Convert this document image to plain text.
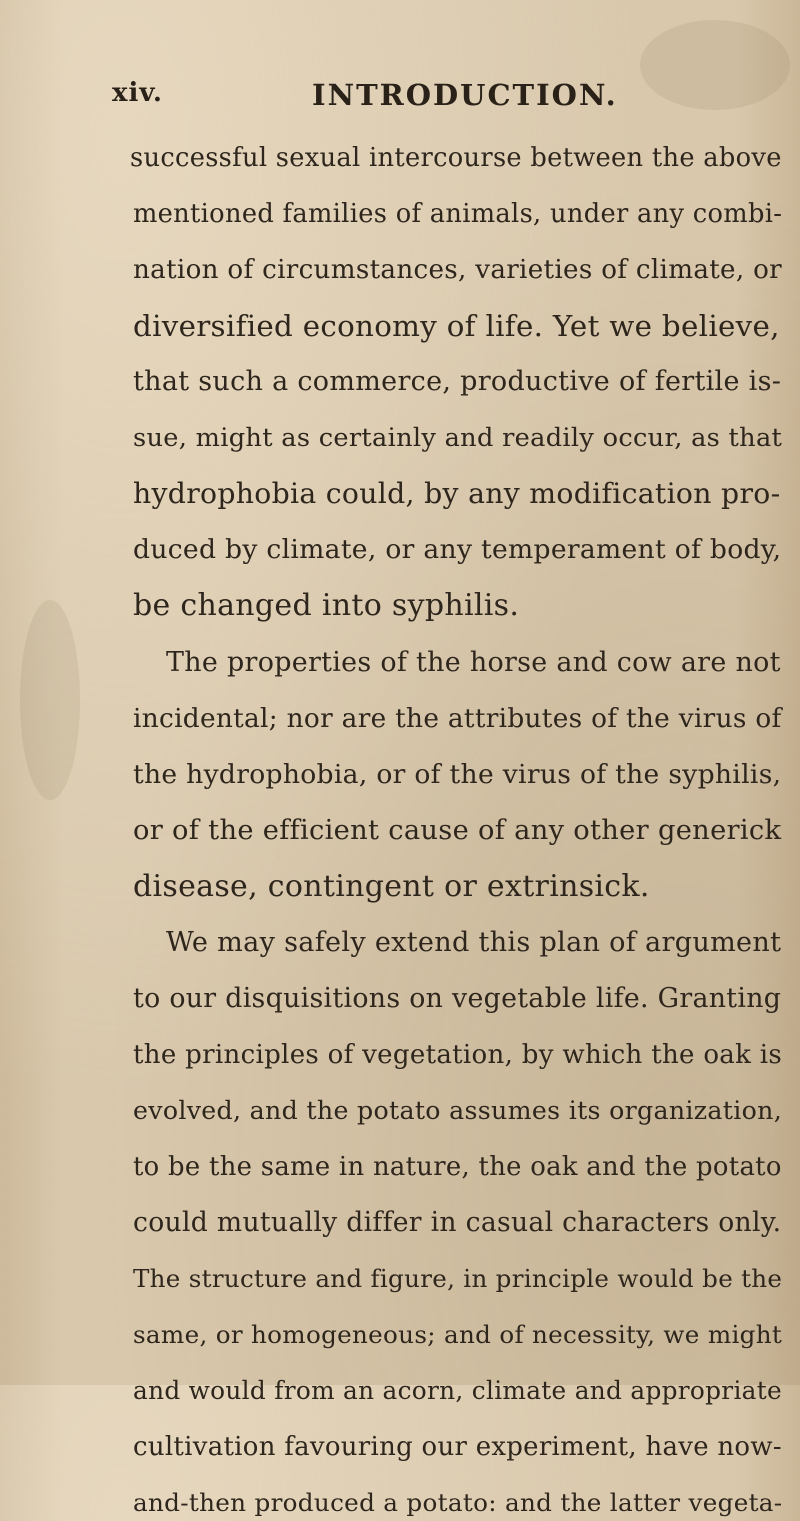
xiv.	INTRODUCTION.
successful sexual intercourse between the above
mentioned families of animals, under any combi-
nation of circumstances, varieties of climate, or
diversified economy of life. Yet we believe,
that such a commerce, productive of fertile is-
sue, might as certainly and readily occur, as that
hydrophobia could, by any modification pro-
duced by climate, or any temperament of body,
be changed into syphilis.
The properties of the horse and cow are not
incidental; nor are the attributes of the virus of
the hydrophobia, or of the virus of the syphilis,
or of the efficient cause of any other generick
disease, contingent or extrinsick.
We may safely extend this plan of argument
to our disquisitions on vegetable life. Granting
the principles of vegetation, by which the oak is
evolved, and the potato assumes its organization,
to be the same in nature, the oak and the potato
could mutually differ in casual characters only.
The structure and figure, in principle would be the
same, or homogeneous; and of necessity, we might
and would from an acorn, climate and appropriate
cultivation favouring our experiment, have now-
and-then produced a potato: and the latter vegeta-
